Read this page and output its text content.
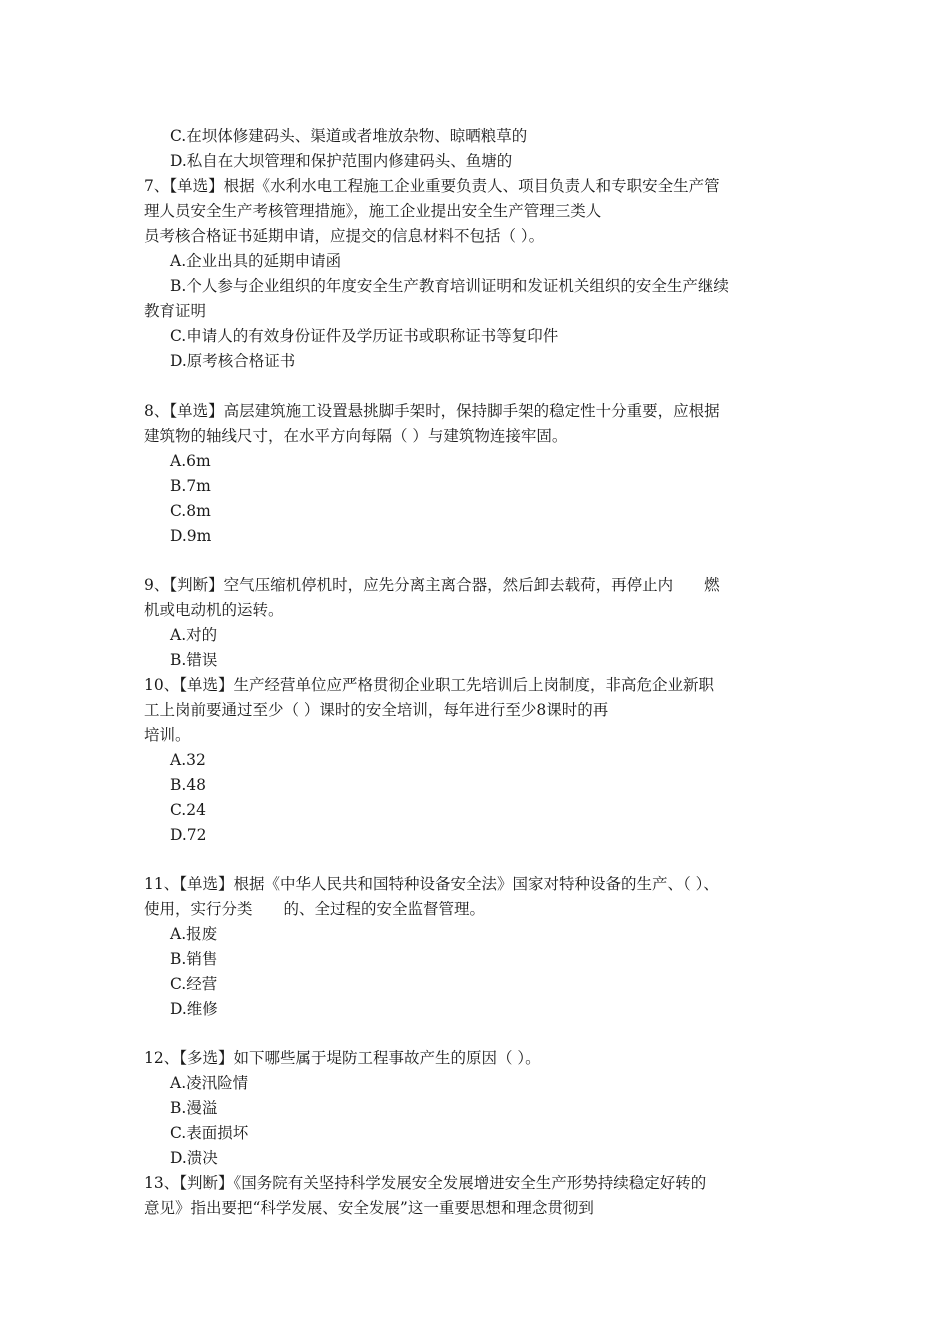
C.在坝体修建码头、渠道或者堆放杂物、晾晒粮草的
D.私自在大坝管理和保护范围内修建码头、鱼塘的
7、【单选】根据《水利水电工程施工企业重要负责人、项目负责人和专职安全生产管
理人员安全生产考核管理措施》，施工企业提出安全生产管理三类人
员考核合格证书延期申请，应提交的信息材料不包括（ ）。
A.企业出具的延期申请函
B.个人参与企业组织的年度安全生产教育培训证明和发证机关组织的安全生产继续
教育证明
C.申请人的有效身份证件及学历证书或职称证书等复印件
D.原考核合格证书
8、【单选】高层建筑施工设置悬挑脚手架时，保持脚手架的稳定性十分重要，应根据
建筑物的轴线尺寸，在水平方向每隔（ ）与建筑物连接牢固。
A.6m
B.7m
C.8m
D.9m
9、【判断】空气压缩机停机时，应先分离主离合器，然后卸去载荷，再停止内　　燃
机或电动机的运转。
A.对的
B.错误
10、【单选】生产经营单位应严格贯彻企业职工先培训后上岗制度，非高危企业新职
工上岗前要通过至少（ ）课时的安全培训，每年进行至少8课时的再
培训。
A.32
B.48
C.24
D.72
11、【单选】根据《中华人民共和国特种设备安全法》国家对特种设备的生产、（ ）、
使用，实行分类　　的、全过程的安全监督管理。
A.报废
B.销售
C.经营
D.维修
12、【多选】如下哪些属于堤防工程事故产生的原因（ ）。
A.凌汛险情
B.漫溢
C.表面损坏
D.溃决
13、【判断】《国务院有关坚持科学发展安全发展增进安全生产形势持续稳定好转的
意见》指出要把“科学发展、安全发展”这一重要思想和理念贯彻到
